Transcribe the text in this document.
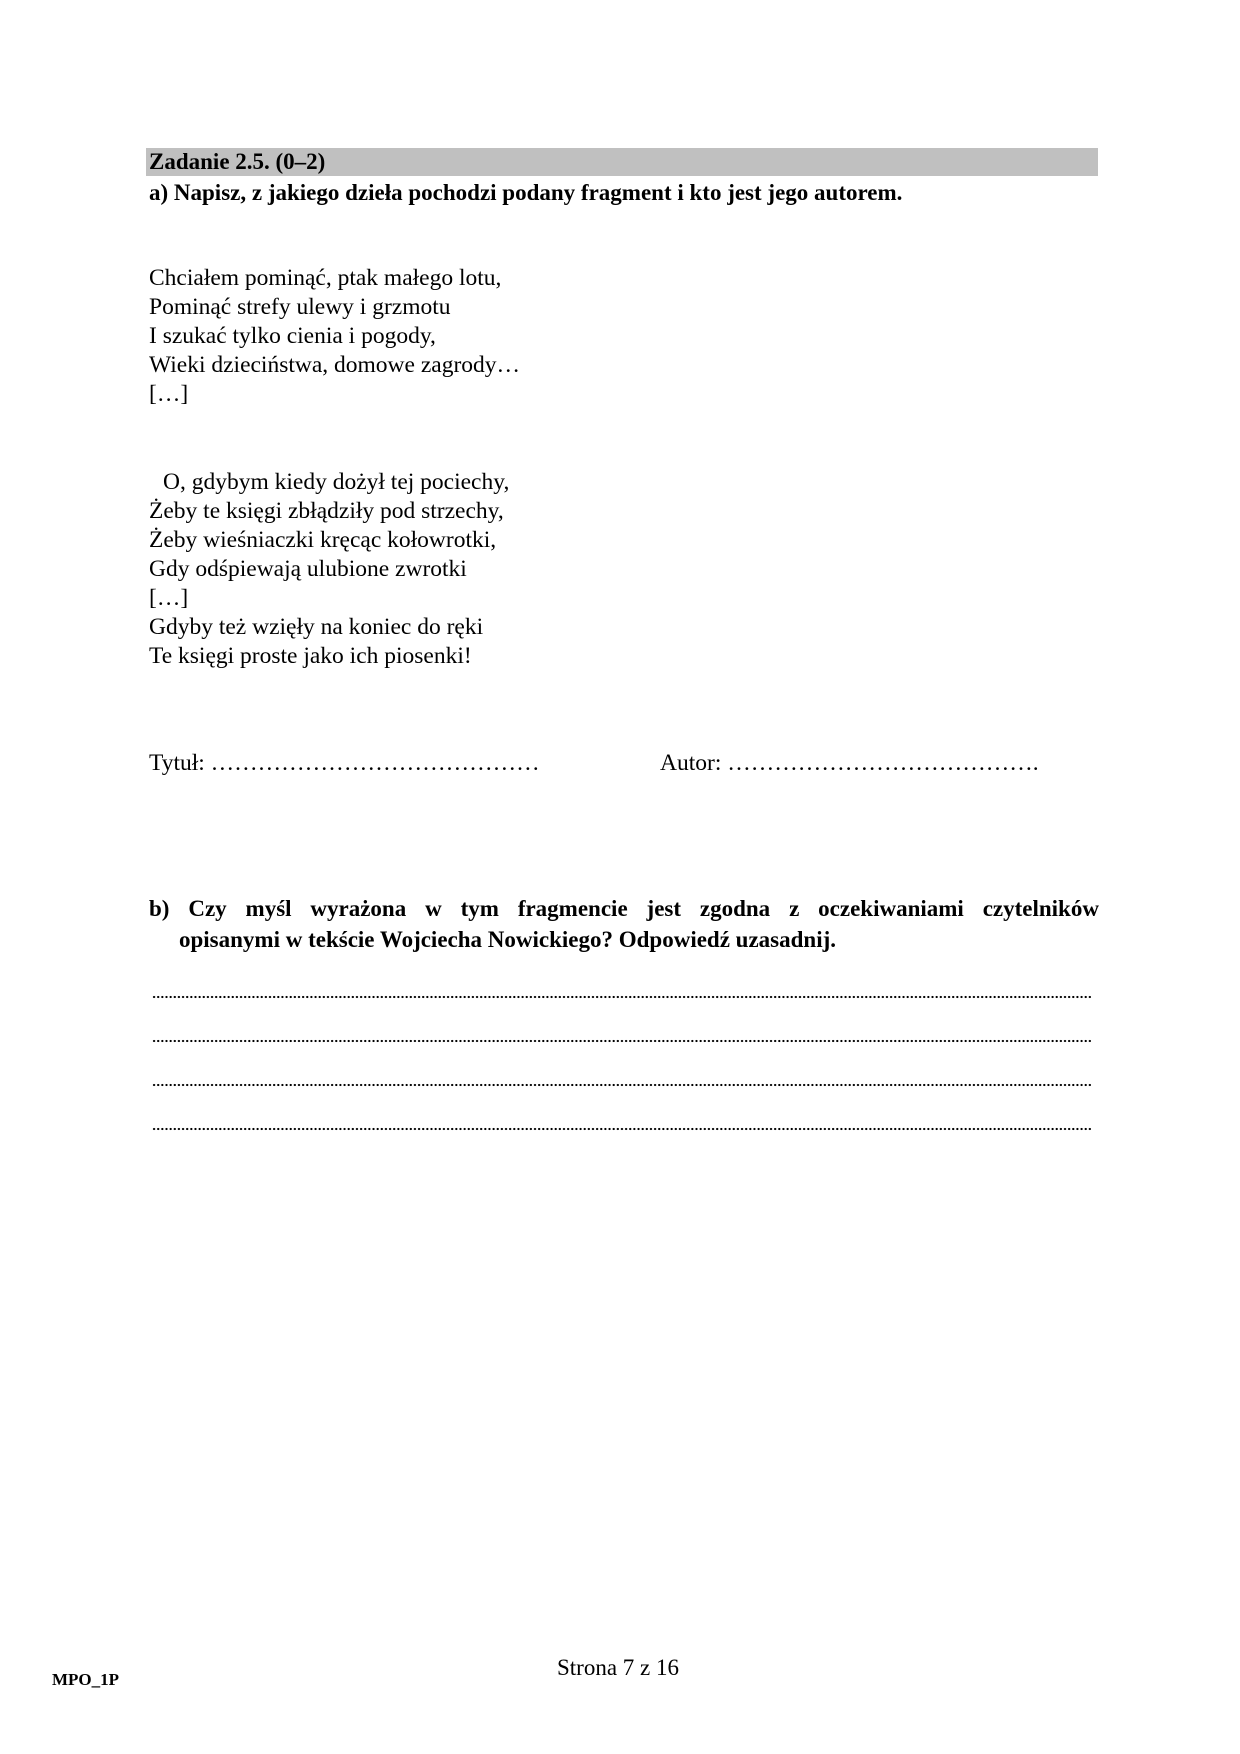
Zadanie 2.5. (0–2)
a) Napisz, z jakiego dzieła pochodzi podany fragment i kto jest jego autorem.
Chciałem pominąć, ptak małego lotu,
Pominąć strefy ulewy i grzmotu
I szukać tylko cienia i pogody,
Wieki dzieciństwa, domowe zagrody…
[…]
O, gdybym kiedy dożył tej pociechy,
Żeby te księgi zbłądziły pod strzechy,
Żeby wieśniaczki kręcąc kołowrotki,
Gdy odśpiewają ulubione zwrotki
[…]
Gdyby też wzięły na koniec do ręki
Te księgi proste jako ich piosenki!
Tytuł: ……………………………………	Autor: ………………………………….
b) Czy myśl wyrażona w tym fragmencie jest zgodna z oczekiwaniami czytelników
opisanymi w tekście Wojciecha Nowickiego? Odpowiedź uzasadnij.
MPO_1P	Strona 7 z 16
